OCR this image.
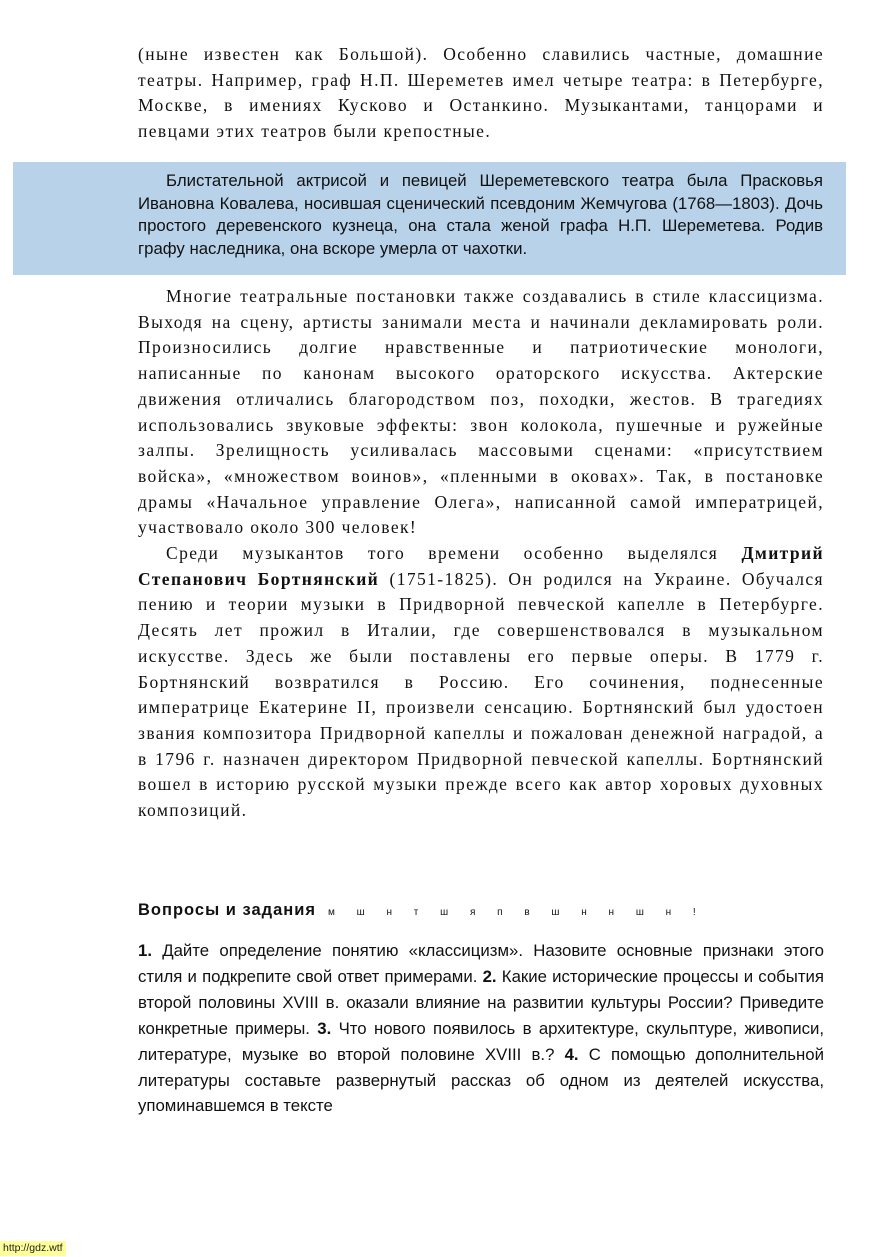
(ныне известен как Большой). Особенно славились частные, домашние театры. Например, граф Н.П. Шереметев имел четыре театра: в Петербурге, Москве, в имениях Кусково и Останкино. Музыкантами, танцорами и певцами этих театров были крепостные.

Блистательной актрисой и певицей Шереметевского театра была Прасковья Ивановна Ковалева, носившая сценический псевдоним Жемчугова (1768—1803). Дочь простого деревенского кузнеца, она стала женой графа Н.П. Шереметева. Родив графу наследника, она вскоре умерла от чахотки.

Многие театральные постановки также создавались в стиле классицизма. Выходя на сцену, артисты занимали места и начинали декламировать роли. Произносились долгие нравственные и патриотические монологи, написанные по канонам высокого ораторского искусства. Актерские движения отличались благородством поз, походки, жестов. В трагедиях использовались звуковые эффекты: звон колокола, пушечные и ружейные залпы. Зрелищность усиливалась массовыми сценами: «присутствием войска», «множеством воинов», «пленными в оковах». Так, в постановке драмы «Начальное управление Олега», написанной самой императрицей, участвовало около 300 человек!

Среди музыкантов того времени особенно выделялся Дмитрий Степанович Бортнянский (1751-1825). Он родился на Украине. Обучался пению и теории музыки в Придворной певческой капелле в Петербурге. Десять лет прожил в Италии, где совершенствовался в музыкальном искусстве. Здесь же были поставлены его первые оперы. В 1779 г. Бортнянский возвратился в Россию. Его сочинения, поднесенные императрице Екатерине II, произвели сенсацию. Бортнянский был удостоен звания композитора Придворной капеллы и пожалован денежной наградой, а в 1796 г. назначен директором Придворной певческой капеллы. Бортнянский вошел в историю русской музыки прежде всего как автор хоровых духовных композиций.

Вопросы и задания м ш н т ш я п в ш н н ш н !

1. Дайте определение понятию «классицизм». Назовите основные признаки этого стиля и подкрепите свой ответ примерами. 2. Какие исторические процессы и события второй половины XVIII в. оказали влияние на развитии культуры России? Приведите конкретные примеры. 3. Что нового появилось в архитектуре, скульптуре, живописи, литературе, музыке во второй половине XVIII в.? 4. С помощью дополнительной литературы составьте развернутый рассказ об одном из деятелей искусства, упоминавшемся в тексте

http://gdz.wtf
